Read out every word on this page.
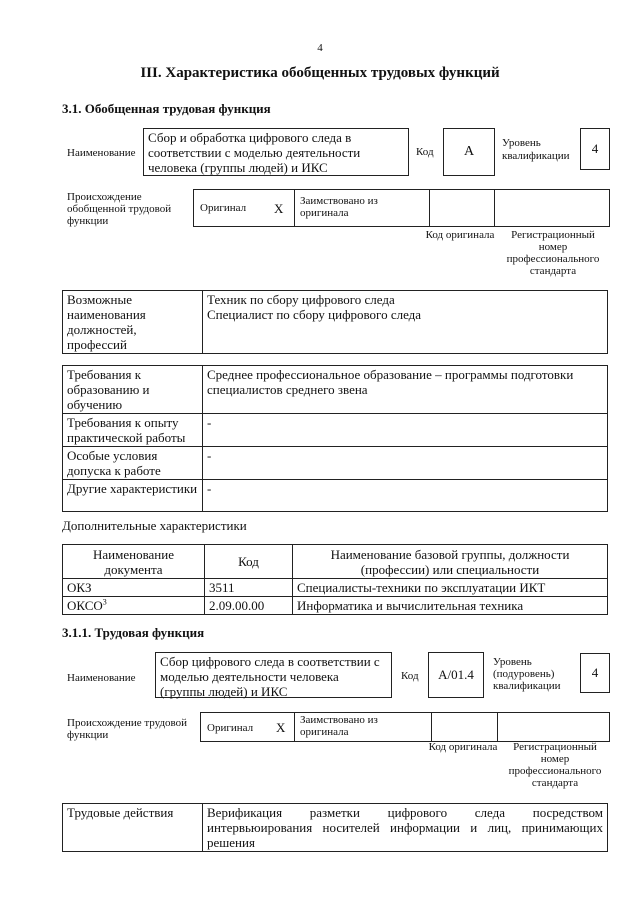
4
III. Характеристика обобщенных трудовых функций
3.1. Обобщенная трудовая функция
Наименование
Сбор и обработка цифрового следа в соответствии с моделью деятельности человека (группы людей) и ИКС
Код	А
Уровень квалификации	4
Происхождение обобщенной трудовой функции
Оригинал X Заимствовано из оригинала
Код оригинала	Регистрационный номер профессионального стандарта
Возможные наименования должностей, профессий	
Техник по сбору цифрового следа
Специалист по сбору цифрового следа
Требования к образованию и обучению	Среднее профессиональное образование – программы подготовки специалистов среднего звена
Требования к опыту практической работы	-
Особые условия допуска к работе	-
Другие характеристики	-
Дополнительные характеристики
Наименование документа	Код	Наименование базовой группы, должности (профессии) или специальности
ОКЗ	3511	Специалисты-техники по эксплуатации ИКТ
ОКСО$^3$	2.09.00.00	Информатика и вычислительная техника
3.1.1. Трудовая функция
Наименование
Сбор цифрового следа в соответствии с моделью деятельности человека (группы людей) и ИКС
Код	A/01.4
Уровень (подуровень) квалификации
4
Происхождение трудовой функции
Оригинал X Заимствовано из оригинала
Код оригинала	Регистрационный номер профессионального стандарта
Трудовые действия	Верификация разметки цифрового следа посредством интервьюирования носителей информации и лиц, принимающих решения
